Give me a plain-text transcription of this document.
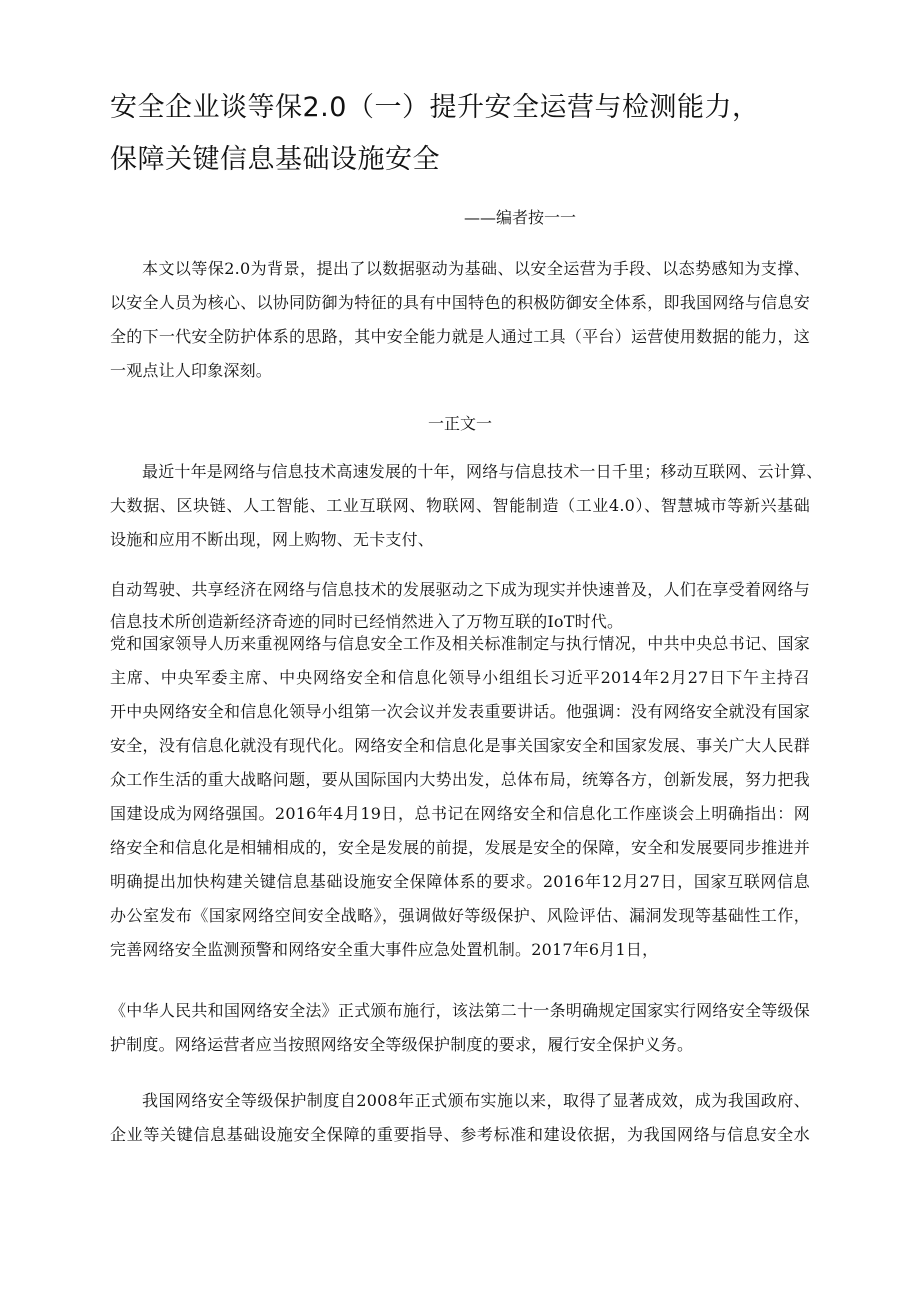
安全企业谈等保2.0（一）提升安全运营与检测能力，
保障关键信息基础设施安全
——编者按一一
本文以等保2.0为背景，提出了以数据驱动为基础、以安全运营为手段、以态势感知为支撑、
以安全人员为核心、以协同防御为特征的具有中国特色的积极防御安全体系，即我国网络与信息安
全的下一代安全防护体系的思路，其中安全能力就是人通过工具（平台）运营使用数据的能力，这
一观点让人印象深刻。
一正文一
最近十年是网络与信息技术高速发展的十年，网络与信息技术一日千里；移动互联网、云计算、
大数据、区块链、人工智能、工业互联网、物联网、智能制造（工业4.0）、智慧城市等新兴基础
设施和应用不断出现，网上购物、无卡支付、
自动驾驶、共享经济在网络与信息技术的发展驱动之下成为现实并快速普及，人们在享受着网络与
信息技术所创造新经济奇迹的同时已经悄然进入了万物互联的IoT时代。
党和国家领导人历来重视网络与信息安全工作及相关标准制定与执行情况，中共中央总书记、国家
主席、中央军委主席、中央网络安全和信息化领导小组组长习近平2014年2月27日下午主持召
开中央网络安全和信息化领导小组第一次会议并发表重要讲话。他强调：没有网络安全就没有国家
安全，没有信息化就没有现代化。网络安全和信息化是事关国家安全和国家发展、事关广大人民群
众工作生活的重大战略问题，要从国际国内大势出发，总体布局，统筹各方，创新发展，努力把我
国建设成为网络强国。2016年4月19日，总书记在网络安全和信息化工作座谈会上明确指出：网
络安全和信息化是相辅相成的，安全是发展的前提，发展是安全的保障，安全和发展要同步推进并
明确提出加快构建关键信息基础设施安全保障体系的要求。2016年12月27日，国家互联网信息
办公室发布《国家网络空间安全战略》，强调做好等级保护、风险评估、漏洞发现等基础性工作，
完善网络安全监测预警和网络安全重大事件应急处置机制。2017年6月1日，
《中华人民共和国网络安全法》正式颁布施行，该法第二十一条明确规定国家实行网络安全等级保
护制度。网络运营者应当按照网络安全等级保护制度的要求，履行安全保护义务。
我国网络安全等级保护制度自2008年正式颁布实施以来，取得了显著成效，成为我国政府、
企业等关键信息基础设施安全保障的重要指导、参考标准和建设依据，为我国网络与信息安全水
